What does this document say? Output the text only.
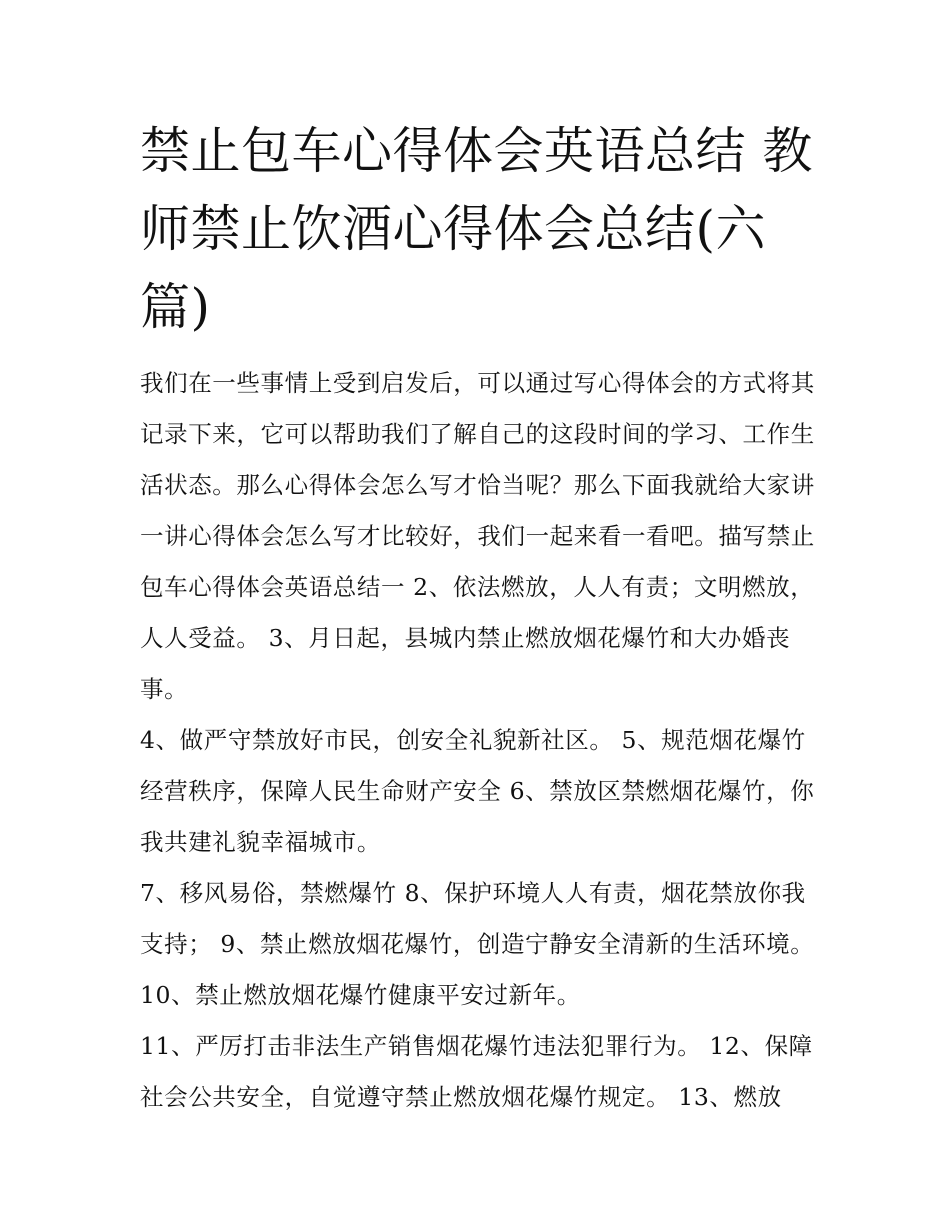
禁止包车心得体会英语总结 教师禁止饮酒心得体会总结(六篇)

我们在一些事情上受到启发后，可以通过写心得体会的方式将其记录下来，它可以帮助我们了解自己的这段时间的学习、工作生活状态。那么心得体会怎么写才恰当呢？那么下面我就给大家讲一讲心得体会怎么写才比较好，我们一起来看一看吧。描写禁止包车心得体会英语总结一 2、依法燃放，人人有责；文明燃放，人人受益。 3、月日起，县城内禁止燃放烟花爆竹和大办婚丧事。

4、做严守禁放好市民，创安全礼貌新社区。 5、规范烟花爆竹经营秩序，保障人民生命财产安全 6、禁放区禁燃烟花爆竹，你我共建礼貌幸福城市。

7、移风易俗，禁燃爆竹 8、保护环境人人有责，烟花禁放你我支持； 9、禁止燃放烟花爆竹，创造宁静安全清新的生活环境。 10、禁止燃放烟花爆竹健康平安过新年。

11、严厉打击非法生产销售烟花爆竹违法犯罪行为。 12、保障社会公共安全，自觉遵守禁止燃放烟花爆竹规定。 13、燃放
